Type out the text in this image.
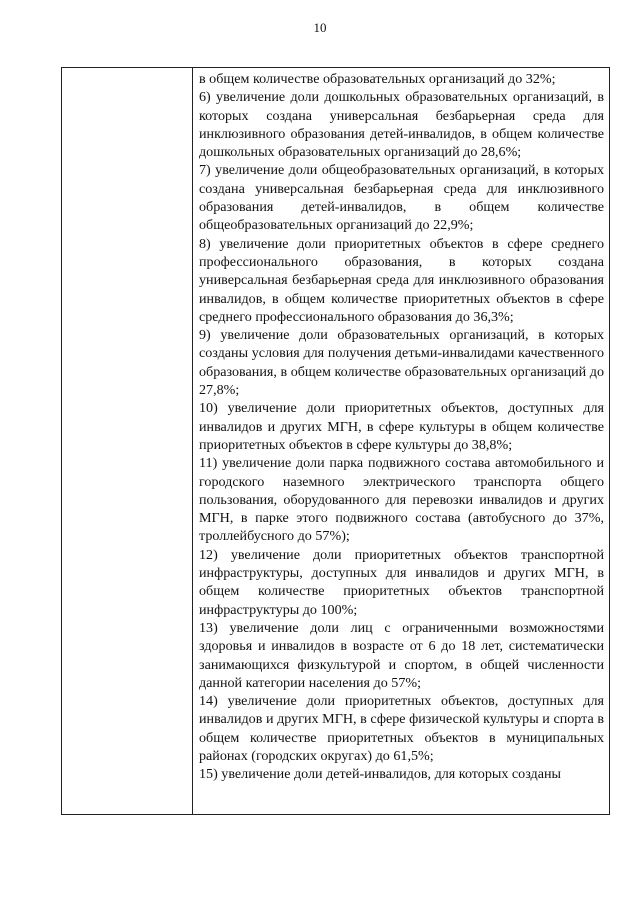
10

в общем количестве образовательных организаций до 32%;

6) увеличение доли дошкольных образовательных организаций, в которых создана универсальная безбарьерная среда для инклюзивного образования детей-инвалидов, в общем количестве дошкольных образовательных организаций до 28,6%;

7) увеличение доли общеобразовательных организаций, в которых создана универсальная безбарьерная среда для инклюзивного образования детей-инвалидов, в общем количестве общеобразовательных организаций до 22,9%;

8) увеличение доли приоритетных объектов в сфере среднего профессионального образования, в которых создана универсальная безбарьерная среда для инклюзивного образования инвалидов, в общем количестве приоритетных объектов в сфере среднего профессионального образования до 36,3%;

9) увеличение доли образовательных организаций, в которых созданы условия для получения детьми-инвалидами качественного образования, в общем количестве образовательных организаций до 27,8%;

10) увеличение доли приоритетных объектов, доступных для инвалидов и других МГН, в сфере культуры в общем количестве приоритетных объектов в сфере культуры до 38,8%;

11) увеличение доли парка подвижного состава автомобильного и городского наземного электрического транспорта общего пользования, оборудованного для перевозки инвалидов и других МГН, в парке этого подвижного состава (автобусного до 37%, троллейбусного до 57%);

12) увеличение доли приоритетных объектов транспортной инфраструктуры, доступных для инвалидов и других МГН, в общем количестве приоритетных объектов транспортной инфраструктуры до 100%;

13) увеличение доли лиц с ограниченными возможностями здоровья и инвалидов в возрасте от 6 до 18 лет, систематически занимающихся физкультурой и спортом, в общей численности данной категории населения до 57%;

14) увеличение доли приоритетных объектов, доступных для инвалидов и других МГН, в сфере физической культуры и спорта в общем количестве приоритетных объектов в муниципальных районах (городских округах) до 61,5%;

15) увеличение доли детей-инвалидов, для которых созданы
